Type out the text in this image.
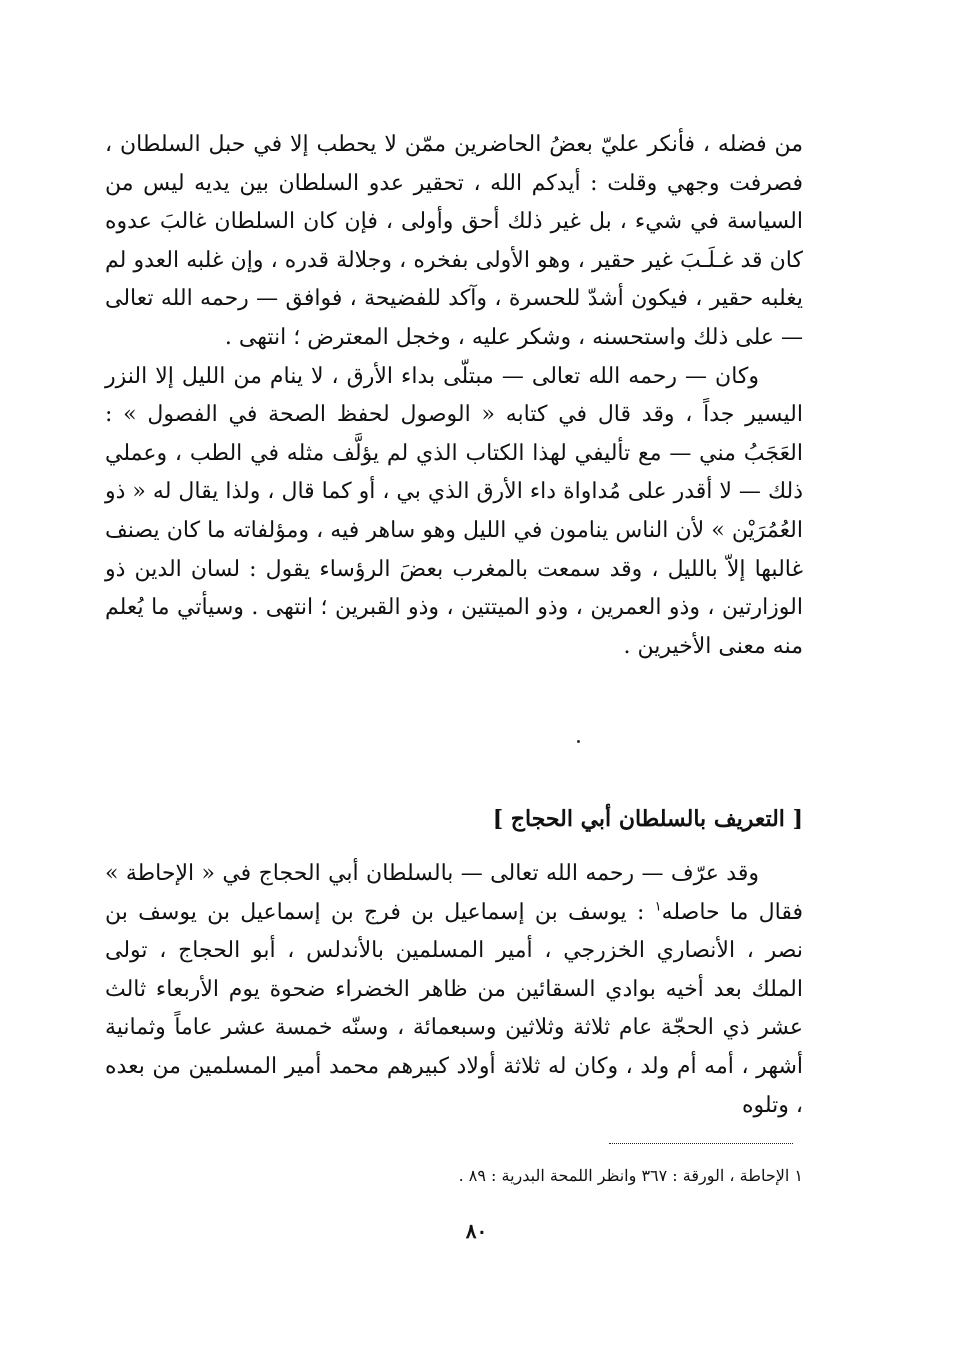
من فضله ، فأنكر عليّ بعضُ الحاضرين ممّن لا يحطب إلا في حبل السلطان ، فصرفت وجهي وقلت : أيدكم الله ، تحقير عدو السلطان بين يديه ليس من السياسة في شيء ، بل غير ذلك أحق وأولى ، فإن كان السلطان غالبَ عدوه كان قد غـلَـبَ غير حقير ، وهو الأولى بفخره ، وجلالة قدره ، وإن غلبه العدو لم يغلبه حقير ، فيكون أشدّ للحسرة ، وآكد للفضيحة ، فوافق — رحمه الله تعالى — على ذلك واستحسنه ، وشكر عليه ، وخجل المعترض ؛ انتهى .

وكان — رحمه الله تعالى — مبتلّى بداء الأرق ، لا ينام من الليل إلا النزر اليسير جداً ، وقد قال في كتابه « الوصول لحفظ الصحة في الفصول » : العَجَبُ مني — مع تأليفي لهذا الكتاب الذي لم يؤلَّف مثله في الطب ، وعملي ذلك — لا أقدر على مُداواة داء الأرق الذي بي ، أو كما قال ، ولذا يقال له « ذو العُمُرَيْن » لأن الناس ينامون في الليل وهو ساهر فيه ، ومؤلفاته ما كان يصنف غالبها إلاّ بالليل ، وقد سمعت بالمغرب بعضَ الرؤساء يقول : لسان الدين ذو الوزارتين ، وذو العمرين ، وذو الميتتين ، وذو القبرين ؛ انتهى . وسيأتي ما يُعلم منه معنى الأخيرين .

[ التعريف بالسلطان أبي الحجاج ]

وقد عرّف — رحمه الله تعالى — بالسلطان أبي الحجاج في « الإحاطة » فقال ما حاصله$^١$ : يوسف بن إسماعيل بن فرج بن إسماعيل بن يوسف بن نصر ، الأنصاري الخزرجي ، أمير المسلمين بالأندلس ، أبو الحجاج ، تولى الملك بعد أخيه بوادي السقائين من ظاهر الخضراء ضحوة يوم الأربعاء ثالث عشر ذي الحجّة عام ثلاثة وثلاثين وسبعمائة ، وسنّه خمسة عشر عاماً وثمانية أشهر ، أمه أم ولد ، وكان له ثلاثة أولاد كبيرهم محمد أمير المسلمين من بعده ، وتلوه

١ الإحاطة ، الورقة : ٣٦٧ وانظر اللمحة البدرية : ٨٩ .
٨٠
